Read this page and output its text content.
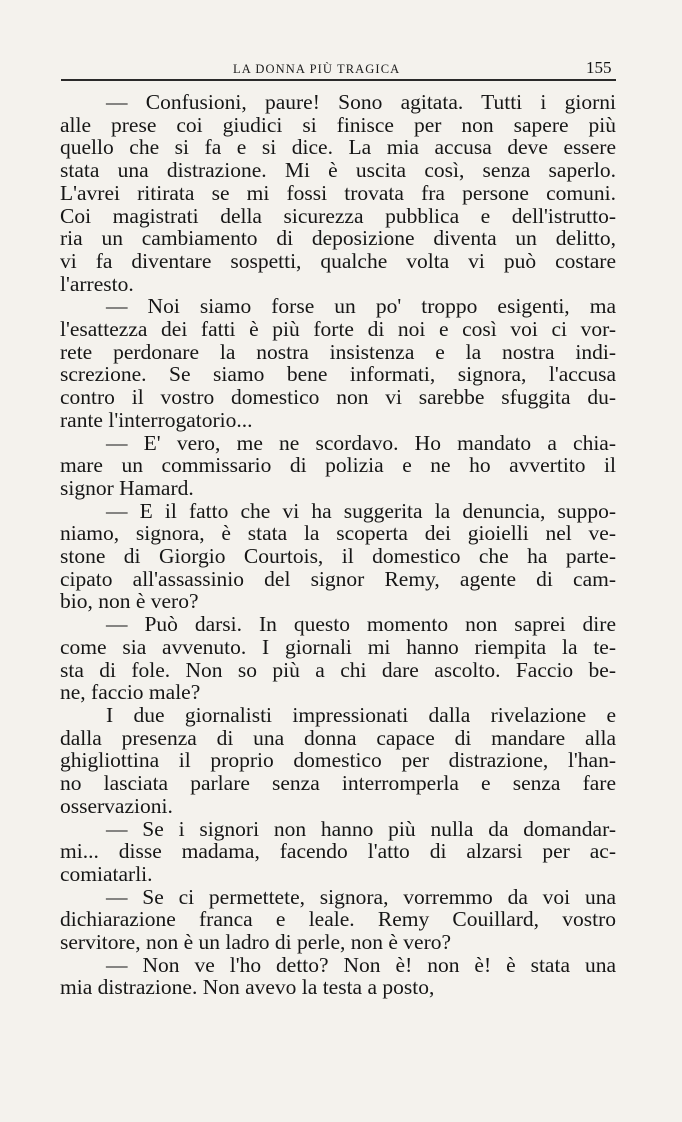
LA DONNA PIÙ TRAGICA	155
— Confusioni, paure! Sono agitata. Tutti i giorni
alle prese coi giudici si finisce per non sapere più
quello che si fa e si dice. La mia accusa deve essere
stata una distrazione. Mi è uscita così, senza saperlo.
L'avrei ritirata se mi fossi trovata fra persone comuni.
Coi magistrati della sicurezza pubblica e dell'istrutto-
ria un cambiamento di deposizione diventa un delitto,
vi fa diventare sospetti, qualche volta vi può costare
l'arresto.
— Noi siamo forse un po' troppo esigenti, ma
l'esattezza dei fatti è più forte di noi e così voi ci vor-
rete perdonare la nostra insistenza e la nostra indi-
screzione. Se siamo bene informati, signora, l'accusa
contro il vostro domestico non vi sarebbe sfuggita du-
rante l'interrogatorio...
— E' vero, me ne scordavo. Ho mandato a chia-
mare un commissario di polizia e ne ho avvertito il
signor Hamard.
— E il fatto che vi ha suggerita la denuncia, suppo-
niamo, signora, è stata la scoperta dei gioielli nel ve-
stone di Giorgio Courtois, il domestico che ha parte-
cipato all'assassinio del signor Remy, agente di cam-
bio, non è vero?
— Può darsi. In questo momento non saprei dire
come sia avvenuto. I giornali mi hanno riempita la te-
sta di fole. Non so più a chi dare ascolto. Faccio be-
ne, faccio male?
I due giornalisti impressionati dalla rivelazione e
dalla presenza di una donna capace di mandare alla
ghigliottina il proprio domestico per distrazione, l'han-
no lasciata parlare senza interromperla e senza fare
osservazioni.
— Se i signori non hanno più nulla da domandar-
mi... disse madama, facendo l'atto di alzarsi per ac-
comiatarli.
— Se ci permettete, signora, vorremmo da voi una
dichiarazione franca e leale. Remy Couillard, vostro
servitore, non è un ladro di perle, non è vero?
— Non ve l'ho detto? Non è! non è! è stata una
mia distrazione. Non avevo la testa a posto,
